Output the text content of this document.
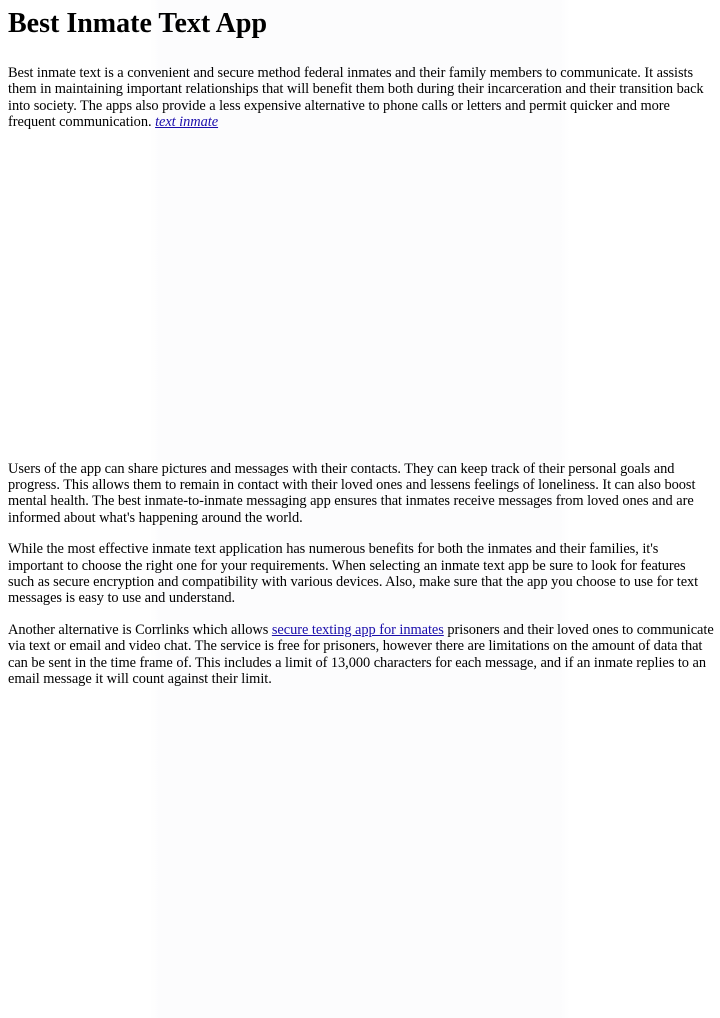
Best Inmate Text App

Best inmate text is a convenient and secure method federal inmates and their family members to communicate. It assists them in maintaining important relationships that will benefit them both during their incarceration and their transition back into society. The apps also provide a less expensive alternative to phone calls or letters and permit quicker and more frequent communication. text inmate

Users of the app can share pictures and messages with their contacts. They can keep track of their personal goals and progress. This allows them to remain in contact with their loved ones and lessens feelings of loneliness. It can also boost mental health. The best inmate-to-inmate messaging app ensures that inmates receive messages from loved ones and are informed about what's happening around the world.

While the most effective inmate text application has numerous benefits for both the inmates and their families, it's important to choose the right one for your requirements. When selecting an inmate text app be sure to look for features such as secure encryption and compatibility with various devices. Also, make sure that the app you choose to use for text messages is easy to use and understand.

Another alternative is Corrlinks which allows secure texting app for inmates prisoners and their loved ones to communicate via text or email and video chat. The service is free for prisoners, however there are limitations on the amount of data that can be sent in the time frame of. This includes a limit of 13,000 characters for each message, and if an inmate replies to an email message it will count against their limit.
